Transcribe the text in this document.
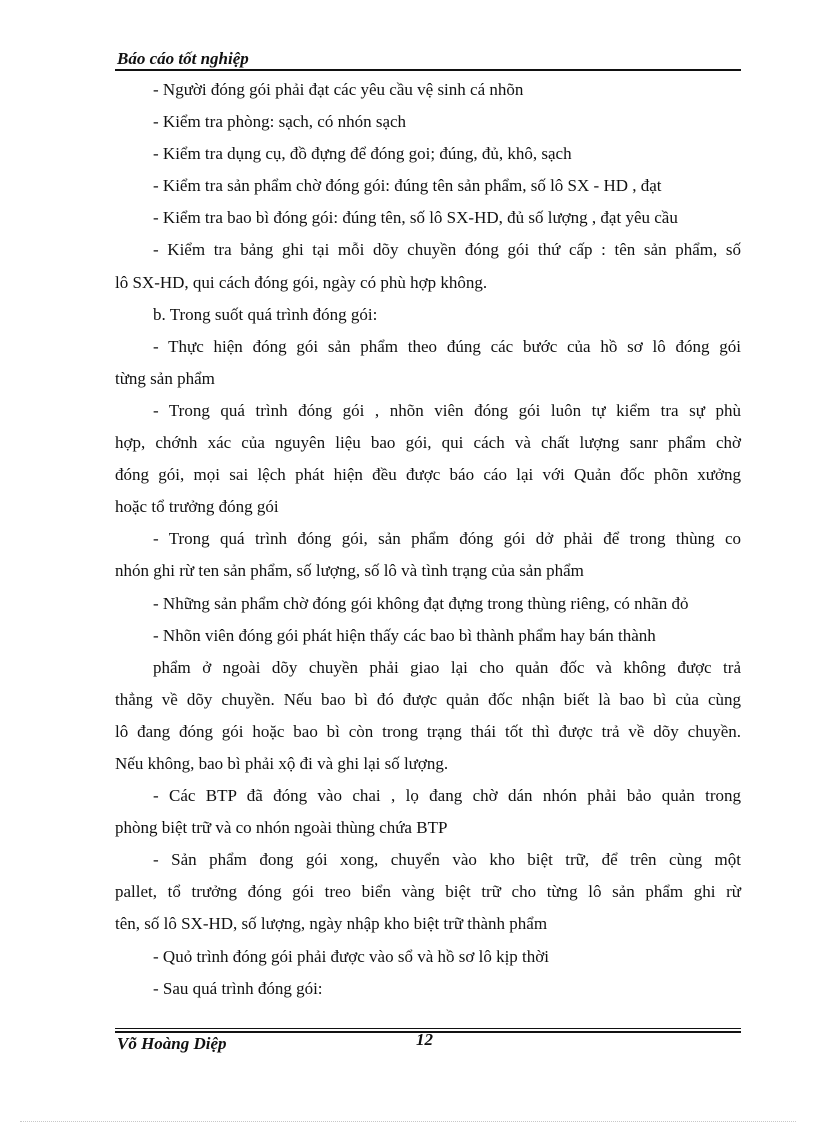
Báo cáo tốt nghiệp
- Người đóng gói phải đạt các yêu cầu vệ sinh cá nhõn
- Kiểm tra phòng: sạch, có nhón sạch
- Kiểm tra dụng cụ, đồ đựng để đóng goi; đúng, đủ, khô, sạch
- Kiểm tra sản phẩm chờ đóng gói: đúng tên sản phẩm, số lô SX - HD , đạt
- Kiểm tra bao bì đóng gói: đúng tên, số lô SX-HD, đủ số lượng , đạt yêu cầu
- Kiểm tra bảng ghi tại mỗi dõy chuyền đóng gói thứ cấp : tên sản phẩm, số
lô SX-HD, qui cách đóng gói, ngày có phù hợp không.
b. Trong suốt quá trình đóng gói:
- Thực hiện đóng gói sản phẩm theo đúng các bước của hồ sơ lô đóng gói
từng sản phẩm
- Trong quá trình đóng gói , nhõn viên đóng gói luôn tự kiểm tra sự phù
hợp, chớnh xác của nguyên liệu bao gói, qui cách và chất lượng sanr phẩm chờ
đóng gói, mọi sai lệch phát hiện đều được báo cáo lại với Quản đốc phõn xưởng
hoặc tổ trưởng đóng gói
- Trong quá trình đóng gói, sản phẩm đóng gói dở phải để trong thùng co
nhón ghi rừ ten sản phẩm, số lượng, số lô và tình trạng của sản phẩm
- Những sản phẩm chờ đóng gói không đạt đựng trong thùng riêng, có nhãn đỏ
- Nhõn viên đóng gói phát hiện thấy các bao bì thành phẩm hay bán thành
phẩm ở ngoài dõy chuyền phải giao lại cho quản đốc và không được trả
thẳng về dõy chuyền. Nếu bao bì đó được quản đốc nhận biết là bao bì của cùng
lô đang đóng gói hoặc bao bì còn trong trạng thái tốt thì được trả về dõy chuyền.
Nếu không, bao bì phải xộ đi và ghi lại số lượng.
- Các BTP đã đóng vào chai , lọ đang chờ dán nhón phải bảo quản trong
phòng biệt trữ và co nhón ngoài thùng chứa BTP
- Sản phẩm đong gói xong, chuyển vào kho biệt trữ, để trên cùng một
pallet, tổ trưởng đóng gói treo biển vàng biệt trữ cho từng lô sản phẩm ghi rừ
tên, số lô SX-HD, số lượng, ngày nhập kho biệt trữ thành phẩm
- Quỏ trình đóng gói phải được vào sổ và hồ sơ lô kịp thời
- Sau quá trình đóng gói:
Võ Hoàng Diệp	12
